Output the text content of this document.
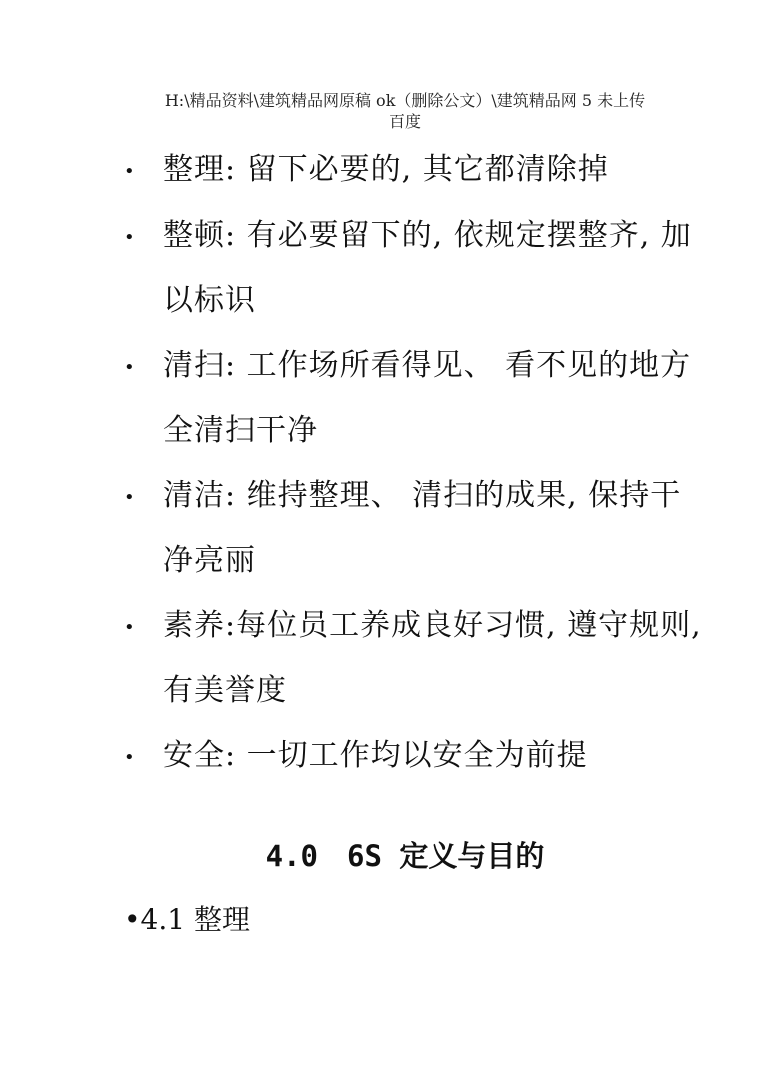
H:\精品资料\建筑精品网原稿 ok（删除公文）\建筑精品网 5 未上传
百度
• 整理: 留下必要的, 其它都清除掉
• 整顿: 有必要留下的, 依规定摆整齐, 加以标识
• 清扫: 工作场所看得见、 看不见的地方全清扫干净
• 清洁: 维持整理、 清扫的成果, 保持干净亮丽
• 素养:每位员工养成良好习惯, 遵守规则, 有美誉度
• 安全: 一切工作均以安全为前提
4.0　6S 定义与目的
•4.1 整理
